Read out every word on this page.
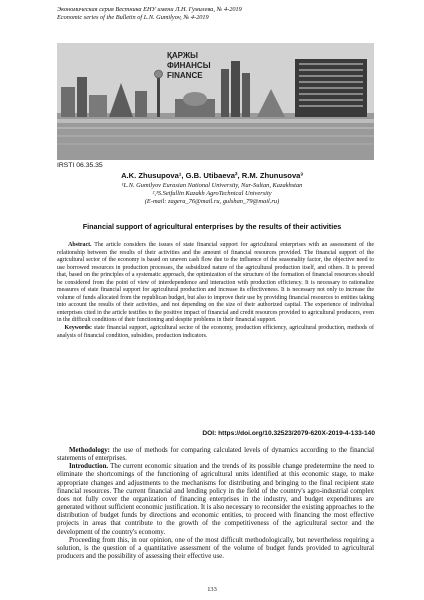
Экономическая серия Вестника ЕНУ имени Л.Н. Гумилева, № 4-2019
Economic series of the Bulletin of L.N. Gumilyov, № 4-2019
ҚАРЖЫ
ФИНАНСЫ
FINANCE
IRSTI 06.35.35
A.K. Zhusupova¹, G.B. Utibaeva², R.M. Zhunusova³
¹L.N. Gumilyov Eurasian National University, Nur-Sultan, Kazakhstan
²,³S.Seifullin Kazakh AgroTechnical University
(E-mail: zagera_76@mail.ru, gulshan_79@mail.ru)
Financial support of agricultural enterprises by the results of their activities
Abstract. The article considers the issues of state financial support for agricultural enterprises with an assessment of the relationship between the results of their activities and the amount of financial resources provided. The financial support of the agricultural sector of the economy is based on uneven cash flow due to the influence of the seasonality factor, the objective need to use borrowed resources in production processes, the subsidized nature of the agricultural production itself, and others. It is proved that, based on the principles of a systematic approach, the optimization of the structure of the formation of financial resources should be considered from the point of view of interdependence and interaction with production efficiency. It is necessary to rationalize measures of state financial support for agricultural production and increase its effectiveness. It is necessary not only to increase the volume of funds allocated from the republican budget, but also to improve their use by providing financial resources to entities taking into account the results of their activities, and not depending on the size of their authorized capital. The experience of individual enterprises cited in the article testifies to the positive impact of financial and credit resources provided to agricultural producers, even in the difficult conditions of their functioning and despite problems in their financial support.
Keywords: state financial support, agricultural sector of the economy, production efficiency, agricultural production, methods of analysis of financial condition, subsidies, production indicators.
DOI: https://doi.org/10.32523/2079-620X-2019-4-133-140

Methodology: the use of methods for comparing calculated levels of dynamics according to the financial statements of enterprises.

Introduction. The current economic situation and the trends of its possible change predetermine the need to eliminate the shortcomings of the functioning of agricultural units identified at this economic stage, to make appropriate changes and adjustments to the mechanisms for distributing and bringing to the final recipient state financial resources. The current financial and lending policy in the field of the country's agro-industrial complex does not fully cover the organization of financing enterprises in the industry, and budget expenditures are generated without sufficient economic justification. It is also necessary to reconsider the existing approaches to the distribution of budget funds by directions and economic entities, to proceed with financing the most effective projects in areas that contribute to the growth of the competitiveness of the agricultural sector and the development of the country's economy.

Proceeding from this, in our opinion, one of the most difficult methodologically, but nevertheless requiring a solution, is the question of a quantitative assessment of the volume of budget funds provided to agricultural producers and the possibility of assessing their effective use.

133
